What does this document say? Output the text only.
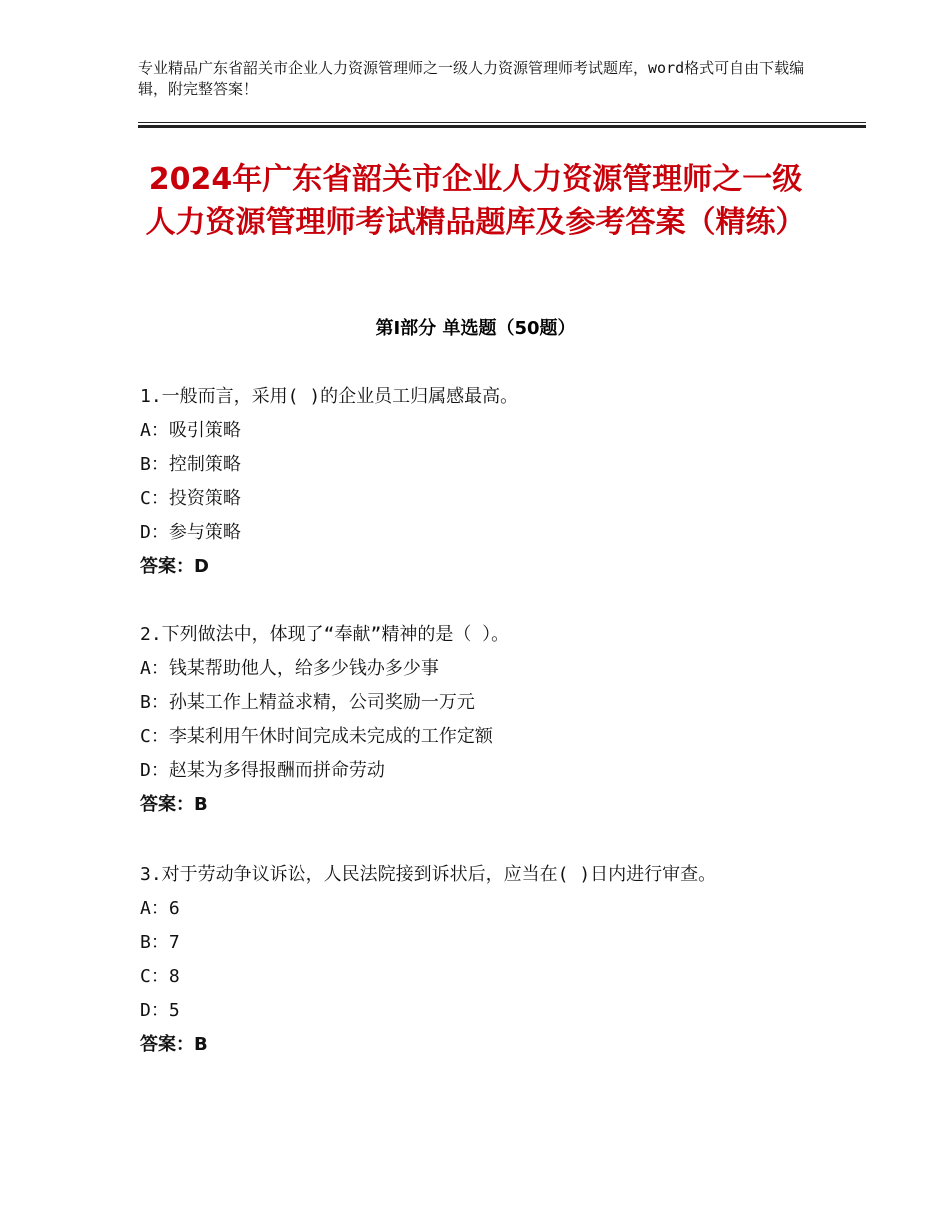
专业精品广东省韶关市企业人力资源管理师之一级人力资源管理师考试题库，word格式可自由下载编辑，附完整答案！
2024年广东省韶关市企业人力资源管理师之一级人力资源管理师考试精品题库及参考答案（精练）
第Ⅰ部分 单选题（50题）
1.一般而言，采用( )的企业员工归属感最高。
A：吸引策略
B：控制策略
C：投资策略
D：参与策略
答案：D
2.下列做法中，体现了“奉献”精神的是（ ）。
A：钱某帮助他人，给多少钱办多少事
B：孙某工作上精益求精，公司奖励一万元
C：李某利用午休时间完成未完成的工作定额
D：赵某为多得报酬而拼命劳动
答案：B
3.对于劳动争议诉讼，人民法院接到诉状后，应当在( )日内进行审查。
A：6
B：7
C：8
D：5
答案：B
